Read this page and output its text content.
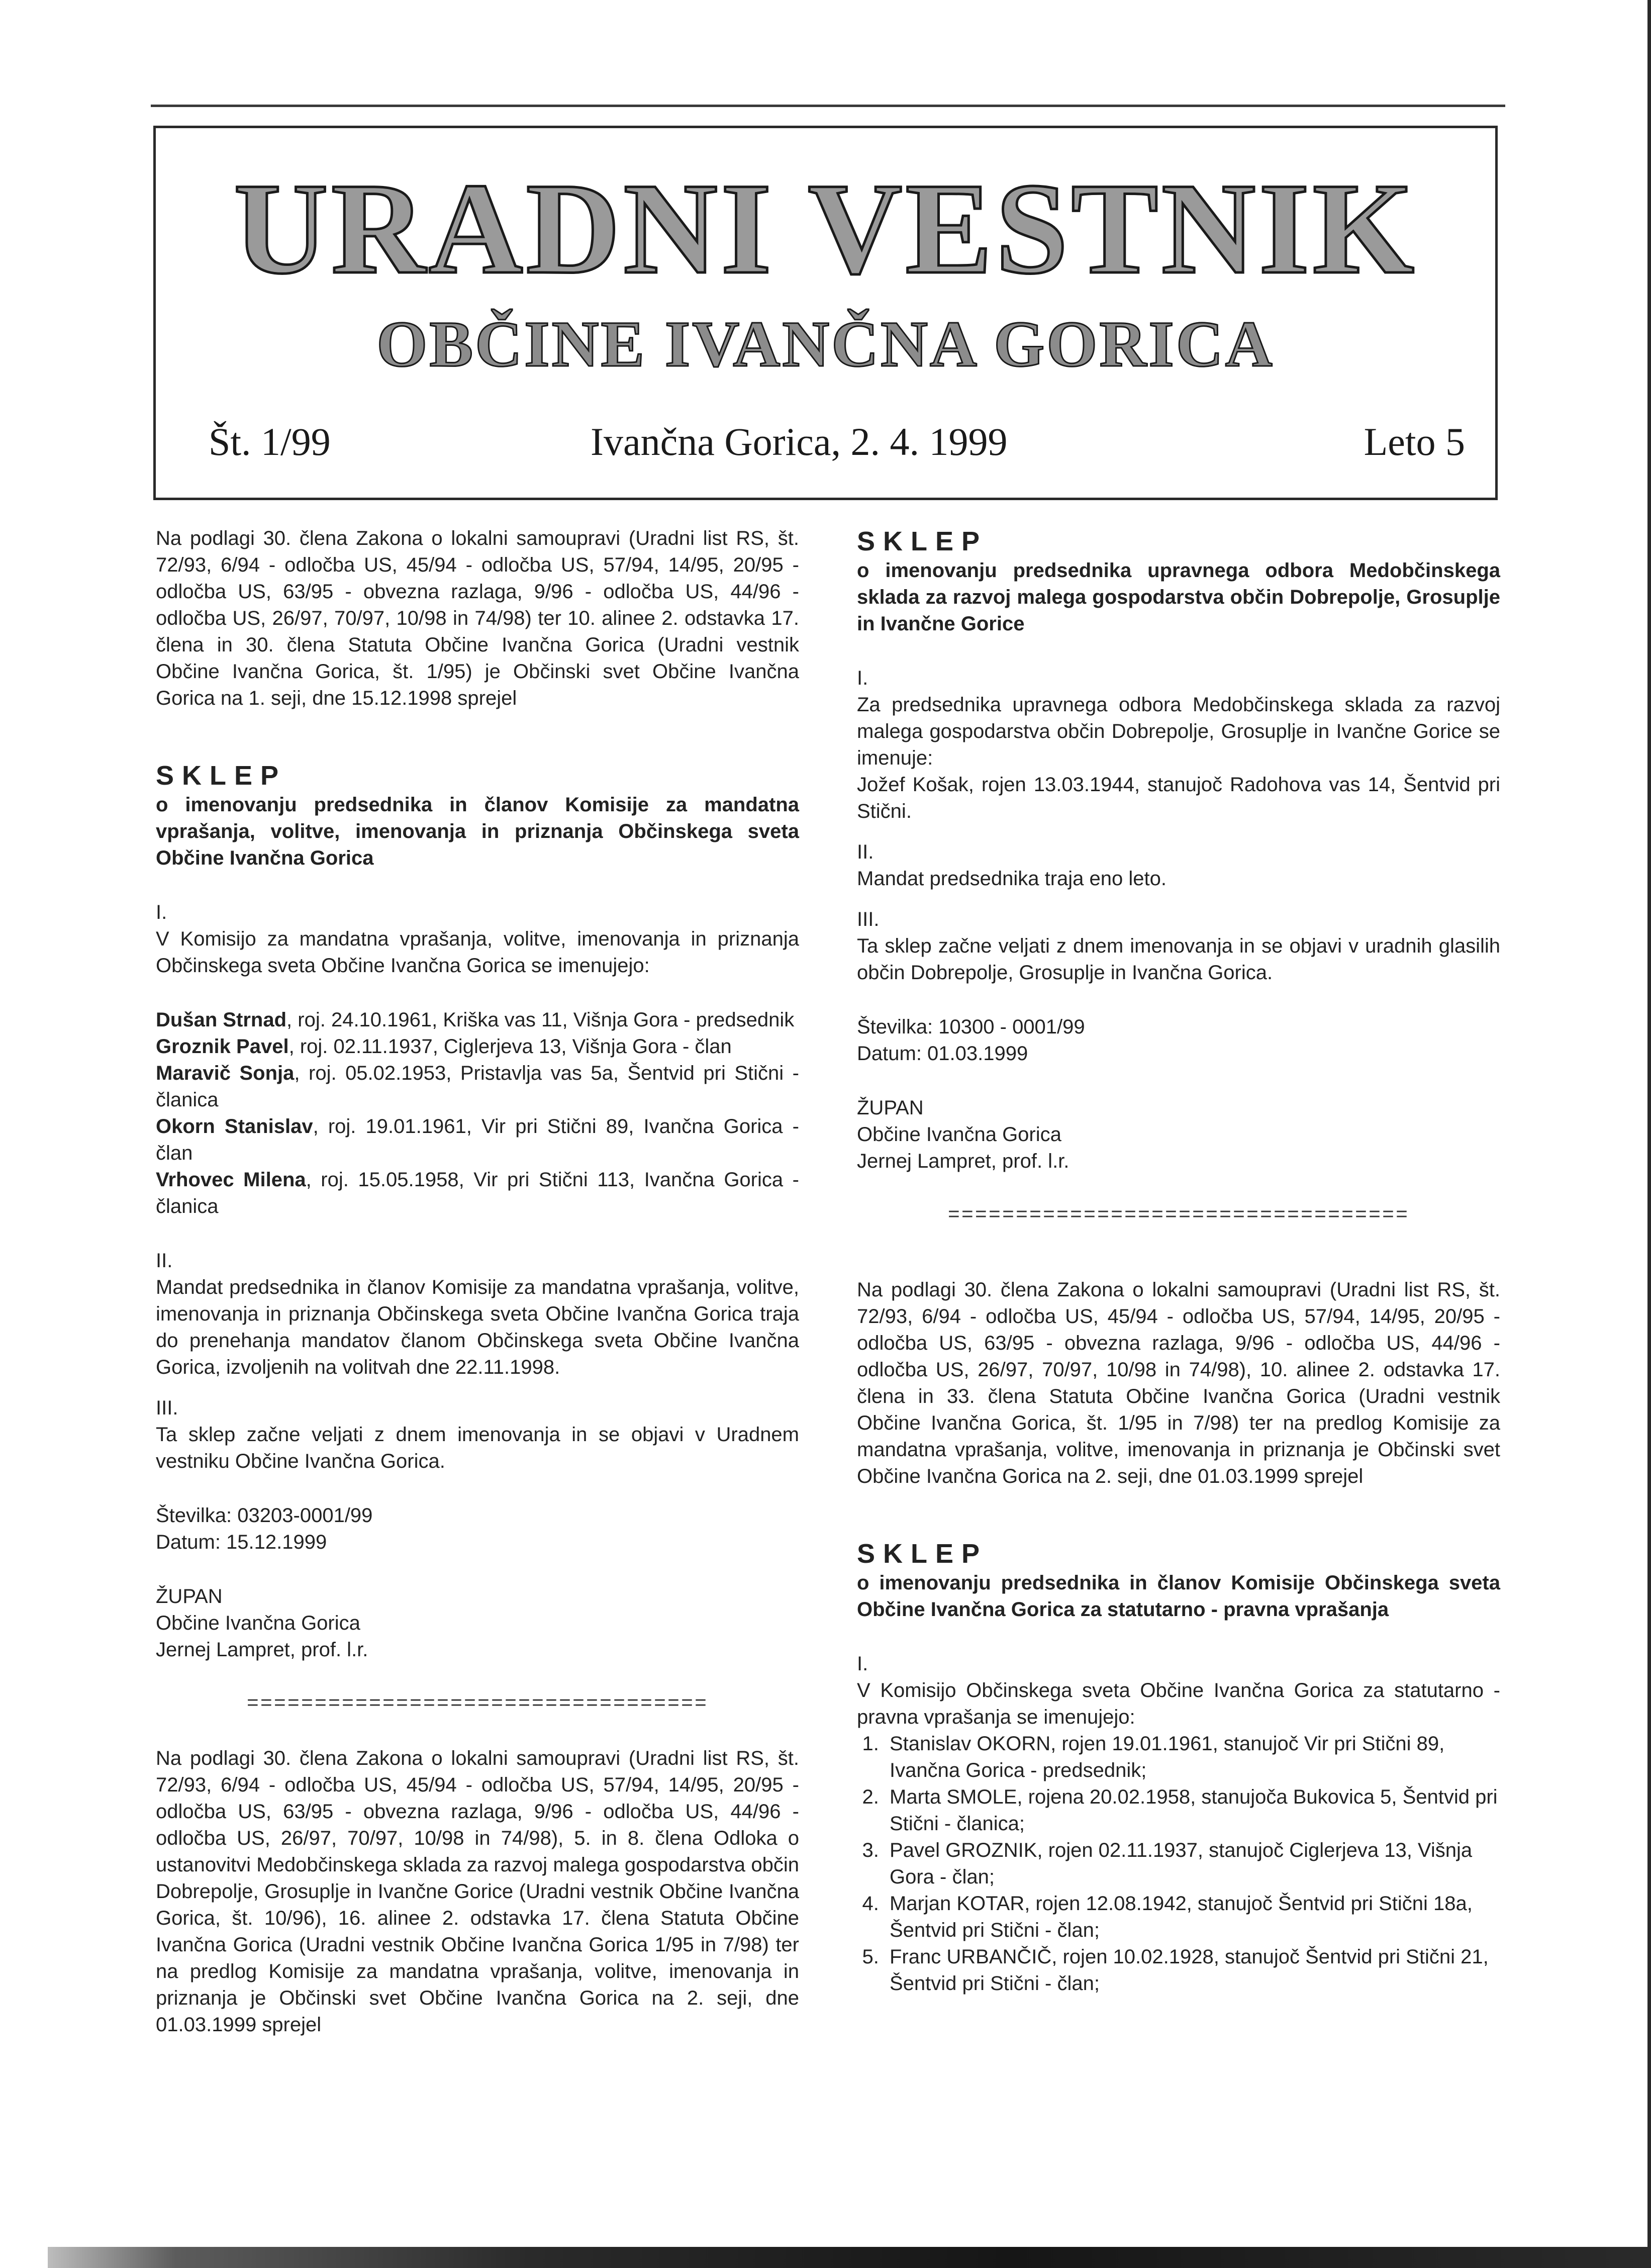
URADNI VESTNIK
OBČINE IVANČNA GORICA
Št. 1/99	Ivančna Gorica, 2. 4. 1999	Leto 5

Na podlagi 30. člena Zakona o lokalni samoupravi (Uradni list RS, št. 72/93, 6/94 - odločba US, 45/94 - odločba US, 57/94, 14/95, 20/95 - odločba US, 63/95 - obvezna razlaga, 9/96 - odločba US, 44/96 - odločba US, 26/97, 70/97, 10/98 in 74/98) ter 10. alinee 2. odstavka 17. člena in 30. člena Statuta Občine Ivančna Gorica (Uradni vestnik Občine Ivančna Gorica, št. 1/95) je Občinski svet Občine Ivančna Gorica na 1. seji, dne 15.12.1998 sprejel

SKLEP

o imenovanju predsednika in članov Komisije za mandatna vprašanja, volitve, imenovanja in priznanja Občinskega sveta Občine Ivančna Gorica

I.

V Komisijo za mandatna vprašanja, volitve, imenovanja in priznanja Občinskega sveta Občine Ivančna Gorica se imenujejo:

Dušan Strnad, roj. 24.10.1961, Kriška vas 11, Višnja Gora - predsednik

Groznik Pavel, roj. 02.11.1937, Ciglerjeva 13, Višnja Gora - član

Maravič Sonja, roj. 05.02.1953, Pristavlja vas 5a, Šentvid pri Stični - članica

Okorn Stanislav, roj. 19.01.1961, Vir pri Stični 89, Ivančna Gorica - član

Vrhovec Milena, roj. 15.05.1958, Vir pri Stični 113, Ivančna Gorica - članica

II.

Mandat predsednika in članov Komisije za mandatna vprašanja, volitve, imenovanja in priznanja Občinskega sveta Občine Ivančna Gorica traja do prenehanja mandatov članom Občinskega sveta Občine Ivančna Gorica, izvoljenih na volitvah dne 22.11.1998.

III.

Ta sklep začne veljati z dnem imenovanja in se objavi v Uradnem vestniku Občine Ivančna Gorica.

Številka: 03203-0001/99

Datum: 15.12.1999

ŽUPAN

Občine Ivančna Gorica

Jernej Lampret, prof. l.r.

==================================

Na podlagi 30. člena Zakona o lokalni samoupravi (Uradni list RS, št. 72/93, 6/94 - odločba US, 45/94 - odločba US, 57/94, 14/95, 20/95 - odločba US, 63/95 - obvezna razlaga, 9/96 - odločba US, 44/96 - odločba US, 26/97, 70/97, 10/98 in 74/98), 5. in 8. člena Odloka o ustanovitvi Medobčinskega sklada za razvoj malega gospodarstva občin Dobrepolje, Grosuplje in Ivančne Gorice (Uradni vestnik Občine Ivančna Gorica, št. 10/96), 16. alinee 2. odstavka 17. člena Statuta Občine Ivančna Gorica (Uradni vestnik Občine Ivančna Gorica 1/95 in 7/98) ter na predlog Komisije za mandatna vprašanja, volitve, imenovanja in priznanja je Občinski svet Občine Ivančna Gorica na 2. seji, dne 01.03.1999 sprejel

SKLEP

o imenovanju predsednika upravnega odbora Medobčinskega sklada za razvoj malega gospodarstva občin Dobrepolje, Grosuplje in Ivančne Gorice

I.

Za predsednika upravnega odbora Medobčinskega sklada za razvoj malega gospodarstva občin Dobrepolje, Grosuplje in Ivančne Gorice se imenuje:

Jožef Košak, rojen 13.03.1944, stanujoč Radohova vas 14, Šentvid pri Stični.

II.

Mandat predsednika traja eno leto.

III.

Ta sklep začne veljati z dnem imenovanja in se objavi v uradnih glasilih občin Dobrepolje, Grosuplje in Ivančna Gorica.

Številka: 10300 - 0001/99

Datum: 01.03.1999

ŽUPAN

Občine Ivančna Gorica

Jernej Lampret, prof. l.r.

==================================

Na podlagi 30. člena Zakona o lokalni samoupravi (Uradni list RS, št. 72/93, 6/94 - odločba US, 45/94 - odločba US, 57/94, 14/95, 20/95 - odločba US, 63/95 - obvezna razlaga, 9/96 - odločba US, 44/96 - odločba US, 26/97, 70/97, 10/98 in 74/98), 10. alinee 2. odstavka 17. člena in 33. člena Statuta Občine Ivančna Gorica (Uradni vestnik Občine Ivančna Gorica, št. 1/95 in 7/98) ter na predlog Komisije za mandatna vprašanja, volitve, imenovanja in priznanja je Občinski svet Občine Ivančna Gorica na 2. seji, dne 01.03.1999 sprejel

SKLEP

o imenovanju predsednika in članov Komisije Občinskega sveta Občine Ivančna Gorica za statutarno - pravna vprašanja

I.

V Komisijo Občinskega sveta Občine Ivančna Gorica za statutarno - pravna vprašanja se imenujejo:

1. Stanislav OKORN, rojen 19.01.1961, stanujoč Vir pri Stični 89, Ivančna Gorica - predsednik;
2. Marta SMOLE, rojena 20.02.1958, stanujoča Bukovica 5, Šentvid pri Stični - članica;
3. Pavel GROZNIK, rojen 02.11.1937, stanujoč Ciglerjeva 13, Višnja Gora - član;
4. Marjan KOTAR, rojen 12.08.1942, stanujoč Šentvid pri Stični 18a, Šentvid pri Stični - član;
5. Franc URBANČIČ, rojen 10.02.1928, stanujoč Šentvid pri Stični 21, Šentvid pri Stični - član;
